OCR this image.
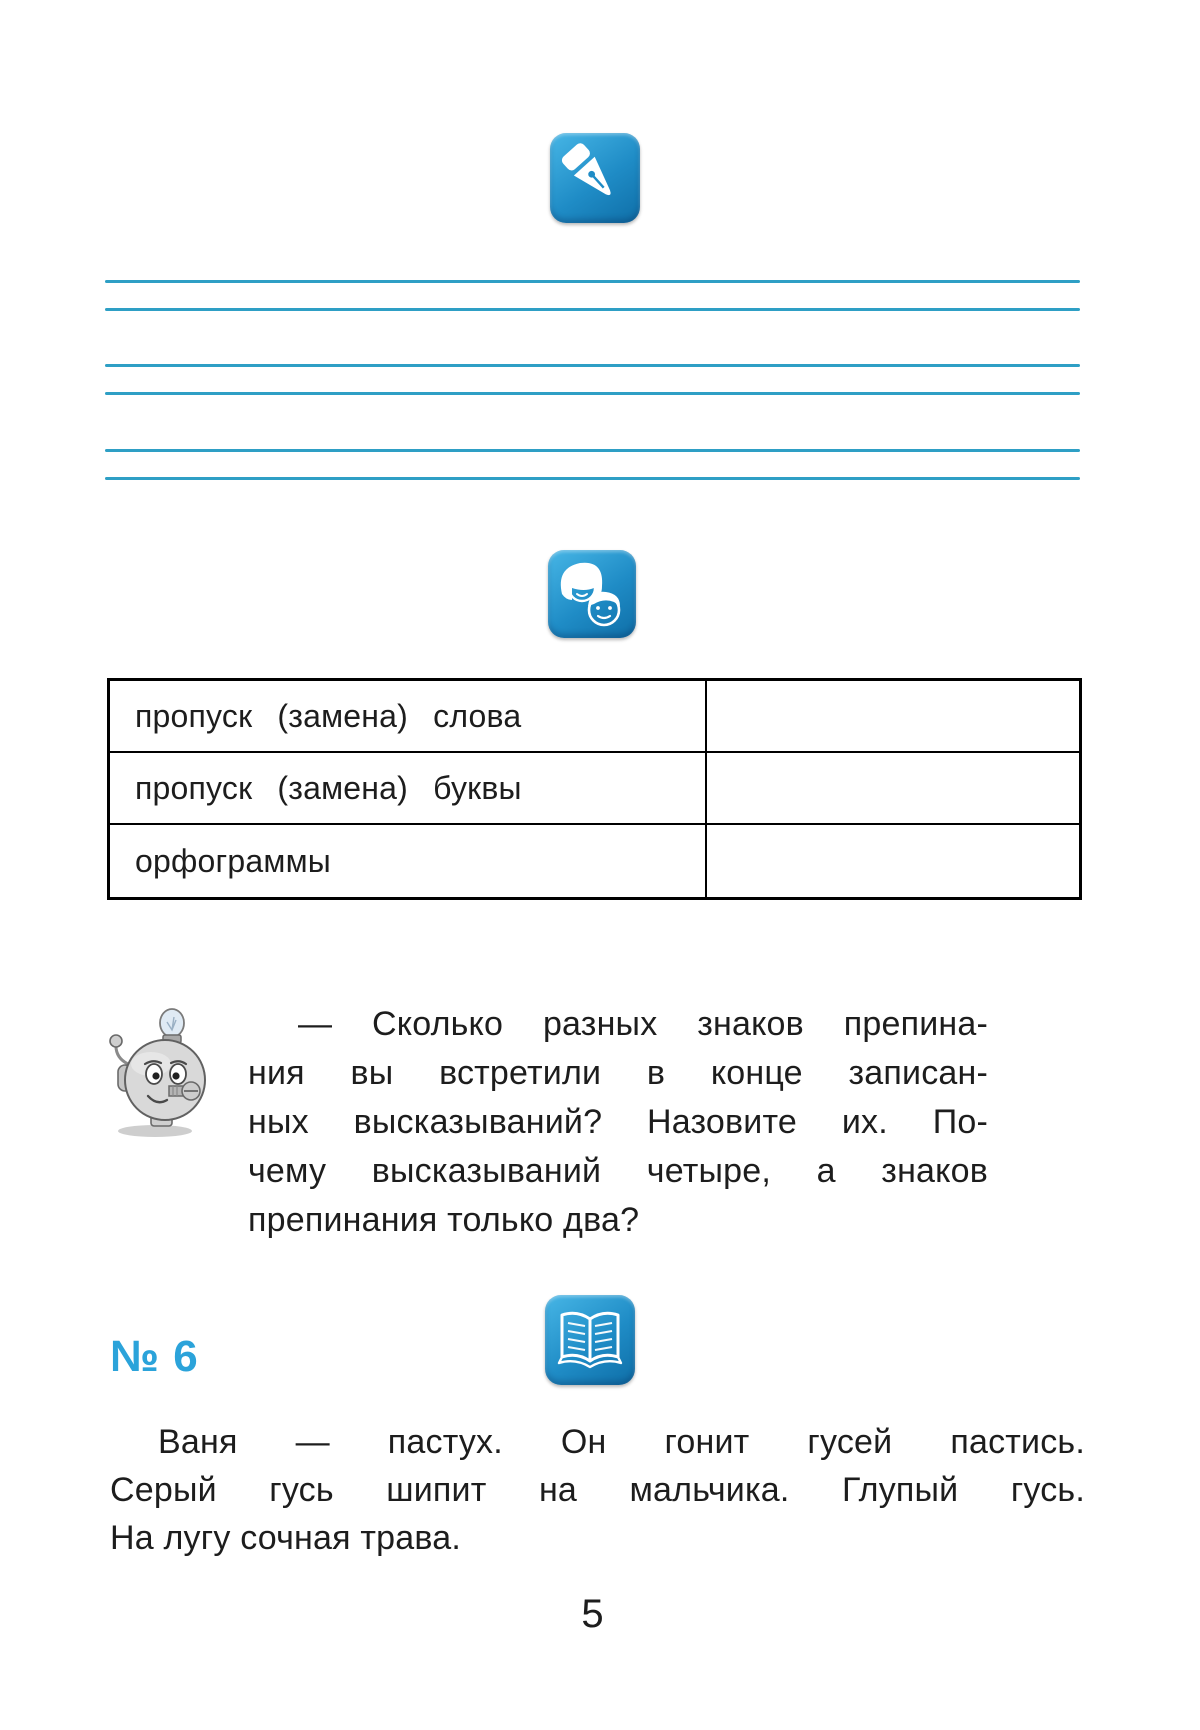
пропуск (замена) слова
пропуск (замена) буквы
орфограммы
— Сколько разных знаков препина-
ния вы встретили в конце записан-
ных высказываний? Назовите их. По-
чему высказываний четыре, а знаков
препинания только два?
№ 6
Ваня — пастух. Он гонит гусей пастись.
Серый гусь шипит на мальчика. Глупый гусь.
На лугу сочная трава.
5
